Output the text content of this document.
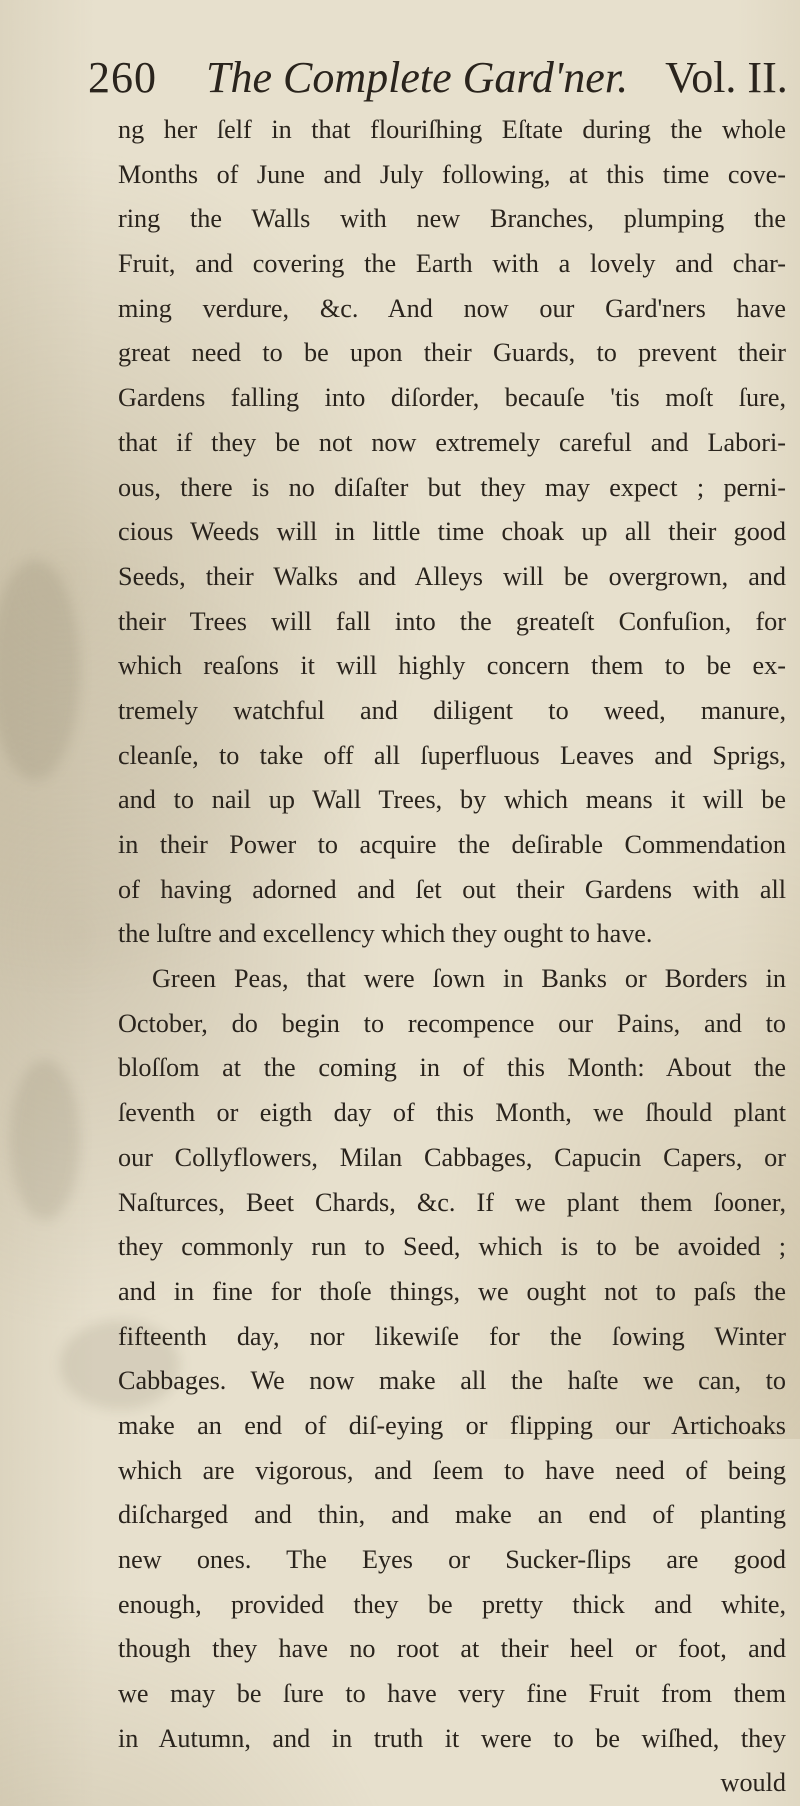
260 The Complete Gard'ner. Vol. II.
ng her ſelf in that flouriſhing Eſtate during the whole
Months of June and July following, at this time cove-
ring the Walls with new Branches, plumping the
Fruit, and covering the Earth with a lovely and char-
ming verdure, &c. And now our Gard'ners have
great need to be upon their Guards, to prevent their
Gardens falling into diſorder, becauſe 'tis moſt ſure,
that if they be not now extremely careful and Labori-
ous, there is no diſaſter but they may expect ; perni-
cious Weeds will in little time choak up all their good
Seeds, their Walks and Alleys will be overgrown, and
their Trees will fall into the greateſt Confuſion, for
which reaſons it will highly concern them to be ex-
tremely watchful and diligent to weed, manure,
cleanſe, to take off all ſuperfluous Leaves and Sprigs,
and to nail up Wall Trees, by which means it will be
in their Power to acquire the deſirable Commendation
of having adorned and ſet out their Gardens with all
the luſtre and excellency which they ought to have.
Green Peas, that were ſown in Banks or Borders in
October, do begin to recompence our Pains, and to
bloſſom at the coming in of this Month: About the
ſeventh or eigth day of this Month, we ſhould plant
our Collyflowers, Milan Cabbages, Capucin Capers, or
Naſturces, Beet Chards, &c. If we plant them ſooner,
they commonly run to Seed, which is to be avoided ;
and in fine for thoſe things, we ought not to paſs the
fifteenth day, nor likewiſe for the ſowing Winter
Cabbages. We now make all the haſte we can, to
make an end of diſ-eying or flipping our Artichoaks
which are vigorous, and ſeem to have need of being
diſcharged and thin, and make an end of planting
new ones. The Eyes or Sucker-ſlips are good
enough, provided they be pretty thick and white,
though they have no root at their heel or foot, and
we may be ſure to have very fine Fruit from them
in Autumn, and in truth it were to be wiſhed, they
would
